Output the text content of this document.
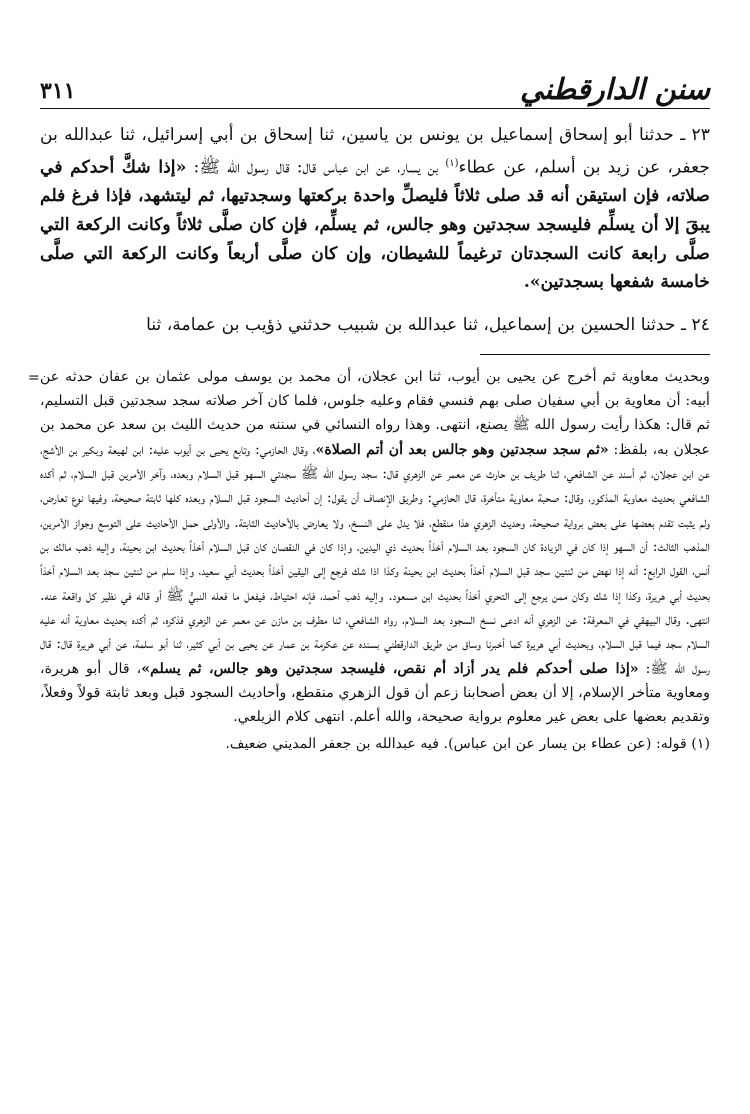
سنن الدارقطني
٣١١

٢٣ ـ حدثنا أبو إسحاق إسماعيل بن يونس بن ياسين، ثنا إسحاق بن أبي إسرائيل، ثنا عبدالله بن جعفر، عن زيد بن أسلم، عن عطاء$^{(١)}$ بن يسار، عن ابن عباس قال: قال رسول الله ﷺ: «إذا شكَّ أحدكم في صلاته، فإن استيقن أنه قد صلى ثلاثاً فليصلِّ واحدة بركعتها وسجدتيها، ثم ليتشهد، فإذا فرغ فلم يبقَ إلا أن يسلِّم فليسجد سجدتين وهو جالس، ثم يسلِّم، فإن كان صلَّى ثلاثاً وكانت الركعة التي صلَّى رابعة كانت السجدتان ترغيماً للشيطان، وإن كان صلَّى أربعاً وكانت الركعة التي صلَّى خامسة شفعها بسجدتين».

٢٤ ـ حدثنا الحسين بن إسماعيل، ثنا عبدالله بن شبيب حدثني ذؤيب بن عمامة، ثنا

= وبحديث معاوية ثم أخرج عن يحيى بن أيوب، ثنا ابن عجلان، أن محمد بن يوسف مولى عثمان بن عفان حدثه عن أبيه: أن معاوية بن أبي سفيان صلى بهم فنسي فقام وعليه جلوس، فلما كان آخر صلاته سجد سجدتين قبل التسليم، ثم قال: هكذا رأيت رسول الله ﷺ يصنع، انتهى. وهذا رواه النسائي في سننه من حديث الليث بن سعد عن محمد بن عجلان به، بلفظ: «ثم سجد سجدتين وهو جالس بعد أن أتم الصلاة»، وقال الحازمي: وتابع يحيى بن أيوب عليه: ابن لهيعة وبكير بن الأشج، عن ابن عجلان، ثم أسند عن الشافعي، ثنا طريف بن حارث عن معمر عن الزهري قال: سجد رسول الله ﷺ سجدتي السهو قبل السلام وبعده، وآخر الأمرين قبل السلام، ثم أكده الشافعي بحديث معاوية المذكور، وقال: صحبة معاوية متأخرة، قال الحازمي: وطريق الإنصاف أن يقول: إن أحاديث السجود قبل السلام وبعده كلها ثابتة صحيحة، وفيها نوع تعارض، ولم يثبت تقدم بعضها على بعض برواية صحيحة، وحديث الزهري هذا منقطع، فلا يدل على النسخ، ولا يعارض بالأحاديث الثابتة. والأولى حمل الأحاديث على التوسع وجواز الأمرين، المذهب الثالث: أن السهو إذا كان في الزيادة كان السجود بعد السلام أخذاً بحديث ذي اليدين، وإذا كان في النقصان كان قبل السلام أخذاً بحديث ابن بحينة، وإليه ذهب مالك بن أنس، القول الرابع: أنه إذا نهض من ثنتين سجد قبل السلام أخذاً بحديث ابن بحينة وكذا اذا شك فرجع إلى اليقين أخذاً بحديث أبي سعيد، وإذا سلم من ثنتين سجد بعد السلام أخذاً بحديث أبي هريرة، وكذا إذا شك وكان ممن يرجع إلى التحري أخذاً بحديث ابن مسعود. وإليه ذهب أحمد، فإنه احتياط، فيفعل ما فعله النبيُّ ﷺ أو قاله في نظير كل واقعة عنه. انتهى. وقال البيهقي في المعرفة: عن الزهري أنه ادعى نسخ السجود بعد السلام، رواه الشافعي، ثنا مطرف بن مازن عن معمر عن الزهري فذكره، ثم أكده بحديث معاوية أنه عليه السلام سجد فيما قبل السلام، وبحديث أبي هريرة كما أخبرنا وساق من طريق الدارقطني بسنده عن عكرمة بن عمار عن يحيى بن أبي كثير، ثنا أبو سلمة، عن أبي هريرة قال: قال رسول الله ﷺ: «إذا صلى أحدكم فلم يدر أزاد أم نقص، فليسجد سجدتين وهو جالس، ثم يسلم»، قال أبو هريرة، ومعاوية متأخر الإسلام، إلا أن بعض أصحابنا زعم أن قول الزهري منقطع، وأحاديث السجود قبل وبعد ثابتة قولاً وفعلاً، وتقديم بعضها على بعض غير معلوم برواية صحيحة، والله أعلم. انتهى كلام الزيلعي.

(١) قوله: (عن عطاء بن يسار عن ابن عباس). فيه عبدالله بن جعفر المديني ضعيف.
